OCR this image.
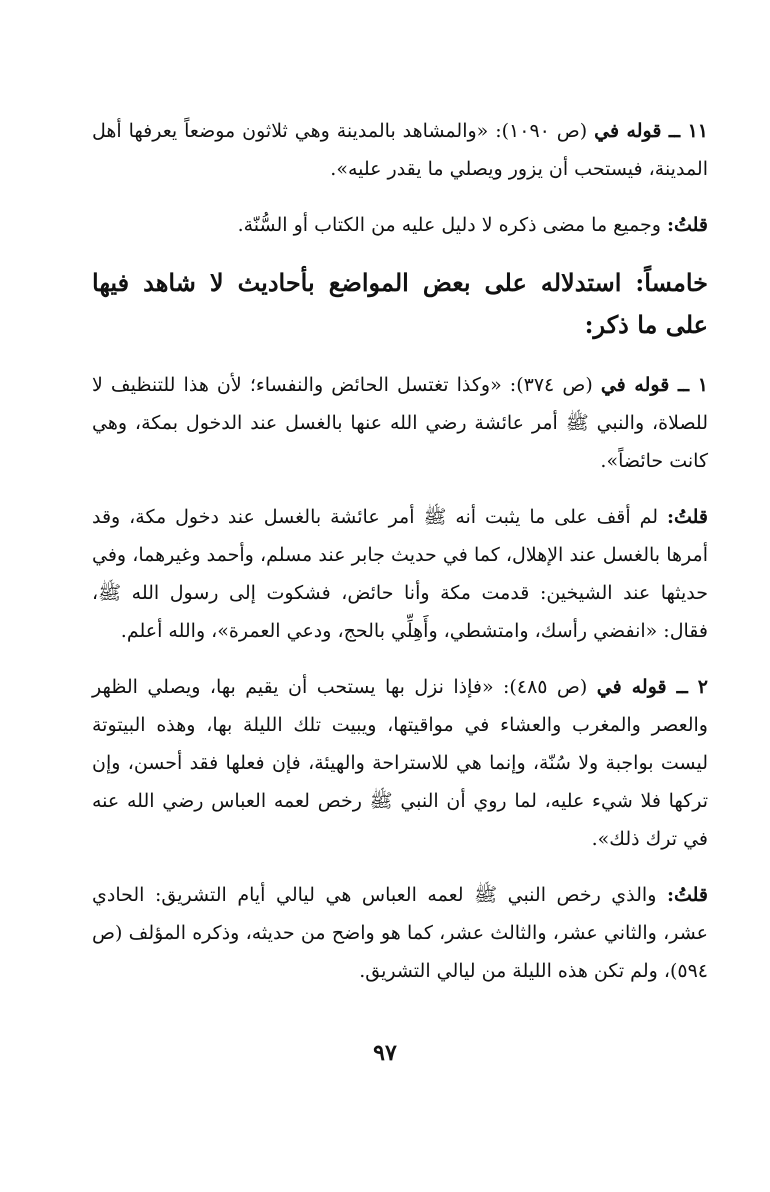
١١ ــ قوله في (ص ١٠٩٠): «والمشاهد بالمدينة وهي ثلاثون موضعاً يعرفها أهل المدينة، فيستحب أن يزور ويصلي ما يقدر عليه».

قلتُ: وجميع ما مضى ذكره لا دليل عليه من الكتاب أو السُّنّة.

خامساً: استدلاله على بعض المواضع بأحاديث لا شاهد فيها على ما ذكر:

١ ــ قوله في (ص ٣٧٤): «وكذا تغتسل الحائض والنفساء؛ لأن هذا للتنظيف لا للصلاة، والنبي ﷺ أمر عائشة رضي الله عنها بالغسل عند الدخول بمكة، وهي كانت حائضاً».

قلتُ: لم أقف على ما يثبت أنه ﷺ أمر عائشة بالغسل عند دخول مكة، وقد أمرها بالغسل عند الإهلال، كما في حديث جابر عند مسلم، وأحمد وغيرهما، وفي حديثها عند الشيخين: قدمت مكة وأنا حائض، فشكوت إلى رسول الله ﷺ، فقال: «انفضي رأسك، وامتشطي، وأَهِلِّي بالحج، ودعي العمرة»، والله أعلم.

٢ ــ قوله في (ص ٤٨٥): «فإذا نزل بها يستحب أن يقيم بها، ويصلي الظهر والعصر والمغرب والعشاء في مواقيتها، ويبيت تلك الليلة بها، وهذه البيتوتة ليست بواجبة ولا سُنّة، وإنما هي للاستراحة والهيئة، فإن فعلها فقد أحسن، وإن تركها فلا شيء عليه، لما روي أن النبي ﷺ رخص لعمه العباس رضي الله عنه في ترك ذلك».

قلتُ: والذي رخص النبي ﷺ لعمه العباس هي ليالي أيام التشريق: الحادي عشر، والثاني عشر، والثالث عشر، كما هو واضح من حديثه، وذكره المؤلف (ص ٥٩٤)، ولم تكن هذه الليلة من ليالي التشريق.

٩٧
